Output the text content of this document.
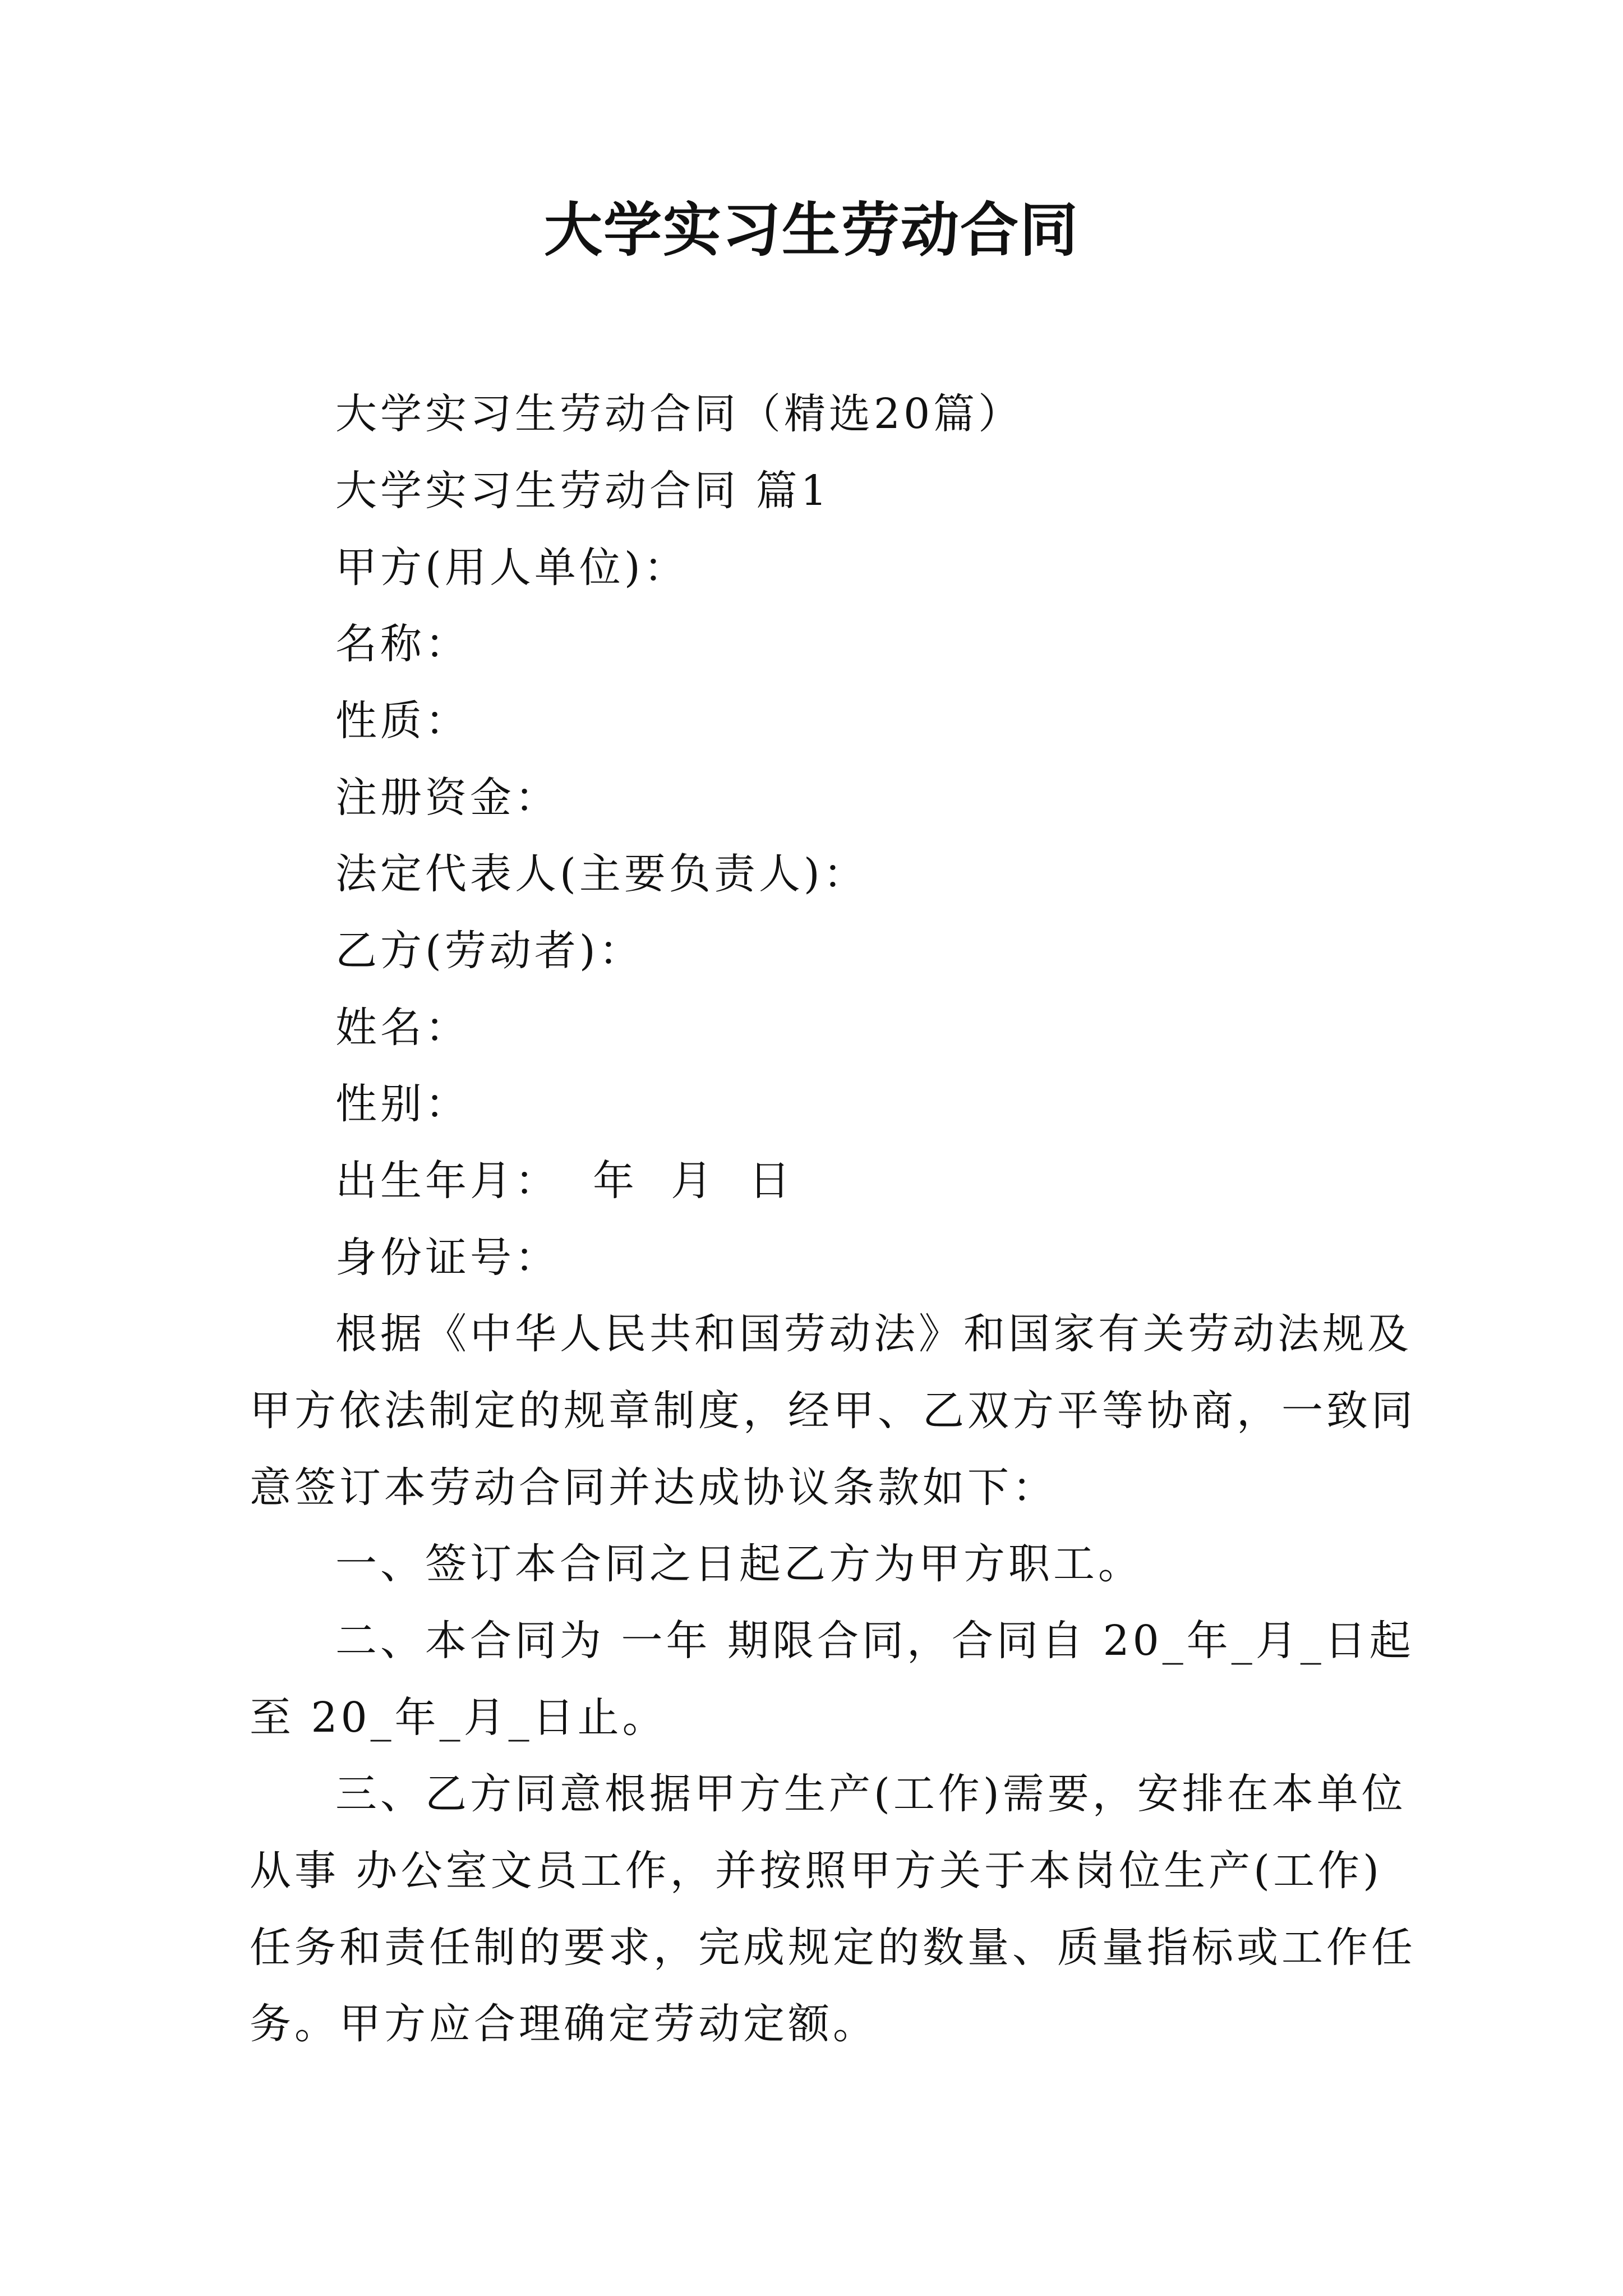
大学实习生劳动合同
大学实习生劳动合同（精选20篇）
大学实习生劳动合同 篇1
甲方(用人单位)：
名称：
性质：
注册资金：
法定代表人(主要负责人)：
乙方(劳动者)：
姓名：
性别：
出生年月：  年  月  日
身份证号：
根据《中华人民共和国劳动法》和国家有关劳动法规及
甲方依法制定的规章制度，经甲、乙双方平等协商，一致同
意签订本劳动合同并达成协议条款如下：
一、签订本合同之日起乙方为甲方职工。
二、本合同为 一年 期限合同，合同自 20_年_月_日起
至 20_年_月_日止。
三、乙方同意根据甲方生产(工作)需要，安排在本单位
从事 办公室文员工作，并按照甲方关于本岗位生产(工作)
任务和责任制的要求，完成规定的数量、质量指标或工作任
务。甲方应合理确定劳动定额。
